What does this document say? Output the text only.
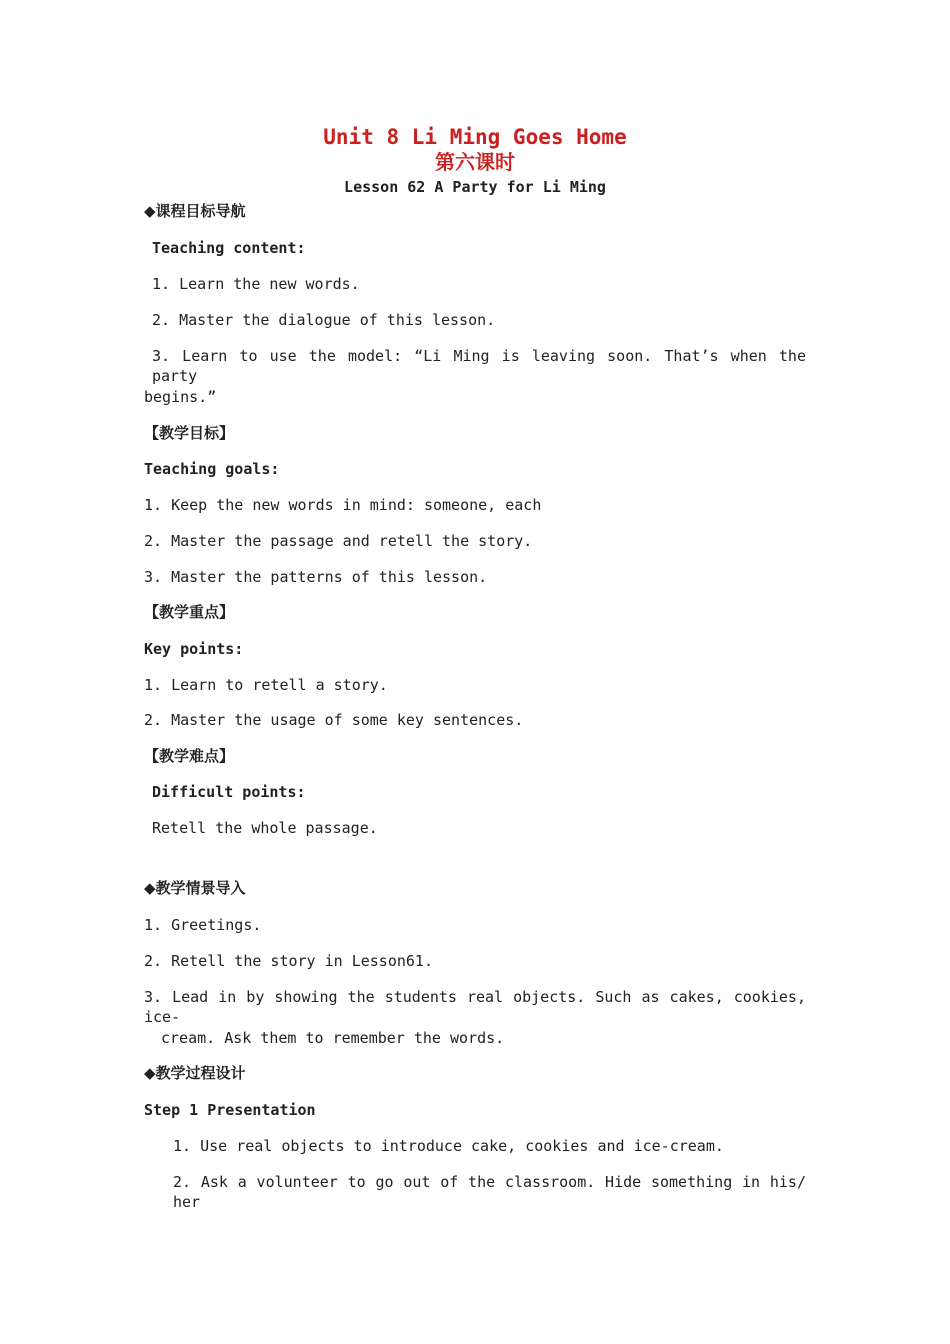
Unit 8 Li Ming Goes Home
第六课时
Lesson 62 A Party for Li Ming
◆课程目标导航
Teaching content:
1. Learn the new words.
2. Master the dialogue of this lesson.
3. Learn to use the model: “Li Ming is leaving soon. That’s when the party
begins.”
【教学目标】
Teaching goals:
1. Keep the new words in mind: someone, each
2. Master the passage and retell the story.
3. Master the patterns of this lesson.
【教学重点】
Key points:
1. Learn to retell a story.
2. Master the usage of some key sentences.
【教学难点】
Difficult points:
Retell the whole passage.
◆教学情景导入
1. Greetings.
2. Retell the story in Lesson61.
3. Lead in by showing the students real objects. Such as cakes, cookies, ice-
cream. Ask them to remember the words.
◆教学过程设计
Step 1 Presentation
1. Use real objects to introduce cake, cookies and ice-cream.
2. Ask a volunteer to go out of the classroom. Hide something in his/ her
